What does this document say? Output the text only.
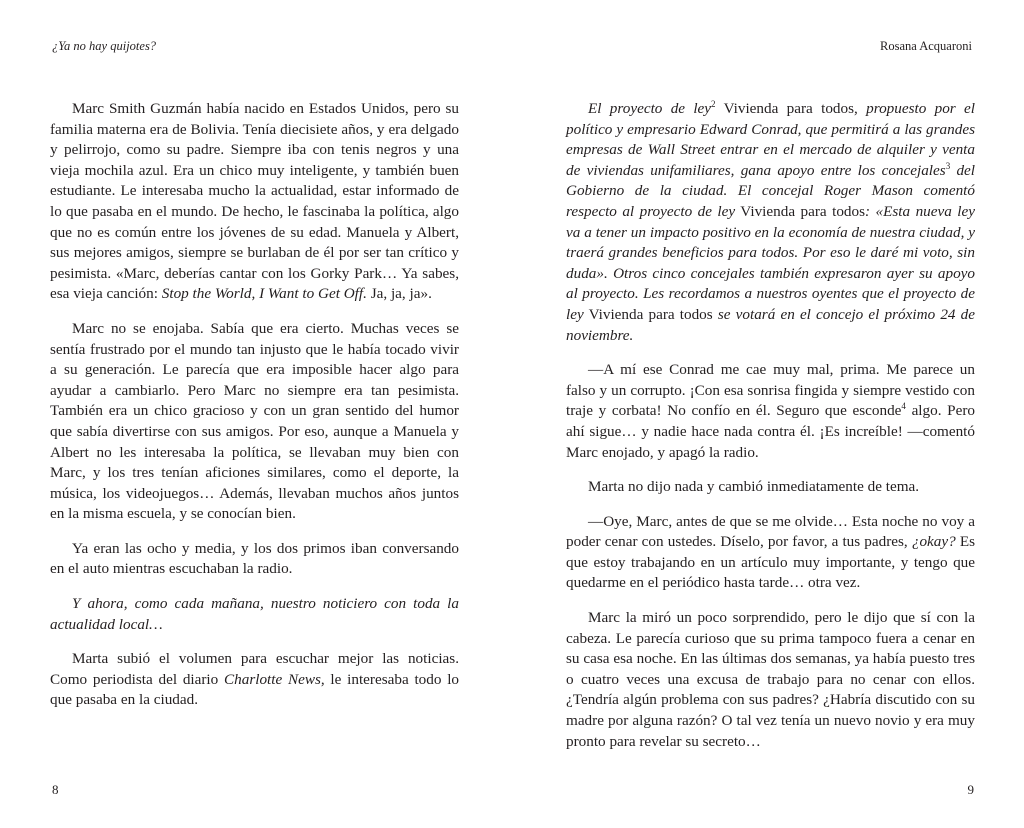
¿Ya no hay quijotes?

Marc Smith Guzmán había nacido en Estados Unidos, pero su familia materna era de Bolivia. Tenía diecisiete años, y era delgado y pelirrojo, como su padre. Siempre iba con tenis negros y una vieja mochila azul. Era un chico muy inteligente, y también buen estudiante. Le interesaba mucho la actualidad, estar informado de lo que pasaba en el mundo. De hecho, le fascinaba la política, algo que no es común entre los jóvenes de su edad. Manuela y Albert, sus mejores amigos, siempre se burlaban de él por ser tan crítico y pesimista. «Marc, deberías cantar con los Gorky Park… Ya sabes, esa vieja canción: Stop the World, I Want to Get Off. Ja, ja, ja».

Marc no se enojaba. Sabía que era cierto. Muchas veces se sentía frustrado por el mundo tan injusto que le había tocado vivir a su generación. Le parecía que era imposible hacer algo para ayudar a cambiarlo. Pero Marc no siempre era tan pesimista. También era un chico gracioso y con un gran sentido del humor que sabía divertirse con sus amigos. Por eso, aunque a Manuela y Albert no les interesaba la política, se llevaban muy bien con Marc, y los tres tenían aficiones similares, como el deporte, la música, los videojuegos… Además, llevaban muchos años juntos en la misma escuela, y se conocían bien.

Ya eran las ocho y media, y los dos primos iban conversando en el auto mientras escuchaban la radio.

Y ahora, como cada mañana, nuestro noticiero con toda la actualidad local…

Marta subió el volumen para escuchar mejor las noticias. Como periodista del diario Charlotte News, le interesaba todo lo que pasaba en la ciudad.

8
Rosana Acquaroni

El proyecto de ley$^2$ Vivienda para todos, propuesto por el político y empresario Edward Conrad, que permitirá a las grandes empresas de Wall Street entrar en el mercado de alquiler y venta de viviendas unifamiliares, gana apoyo entre los concejales$^3$ del Gobierno de la ciudad. El concejal Roger Mason comentó respecto al proyecto de ley Vivienda para todos: «Esta nueva ley va a tener un impacto positivo en la economía de nuestra ciudad, y traerá grandes beneficios para todos. Por eso le daré mi voto, sin duda». Otros cinco concejales también expresaron ayer su apoyo al proyecto. Les recordamos a nuestros oyentes que el proyecto de ley Vivienda para todos se votará en el concejo el próximo 24 de noviembre.

—A mí ese Conrad me cae muy mal, prima. Me parece un falso y un corrupto. ¡Con esa sonrisa fingida y siempre vestido con traje y corbata! No confío en él. Seguro que esconde$^4$ algo. Pero ahí sigue… y nadie hace nada contra él. ¡Es increíble! —comentó Marc enojado, y apagó la radio.

Marta no dijo nada y cambió inmediatamente de tema.

—Oye, Marc, antes de que se me olvide… Esta noche no voy a poder cenar con ustedes. Díselo, por favor, a tus padres, ¿okay? Es que estoy trabajando en un artículo muy importante, y tengo que quedarme en el periódico hasta tarde… otra vez.

Marc la miró un poco sorprendido, pero le dijo que sí con la cabeza. Le parecía curioso que su prima tampoco fuera a cenar en su casa esa noche. En las últimas dos semanas, ya había puesto tres o cuatro veces una excusa de trabajo para no cenar con ellos. ¿Tendría algún problema con sus padres? ¿Habría discutido con su madre por alguna razón? O tal vez tenía un nuevo novio y era muy pronto para revelar su secreto…

9
